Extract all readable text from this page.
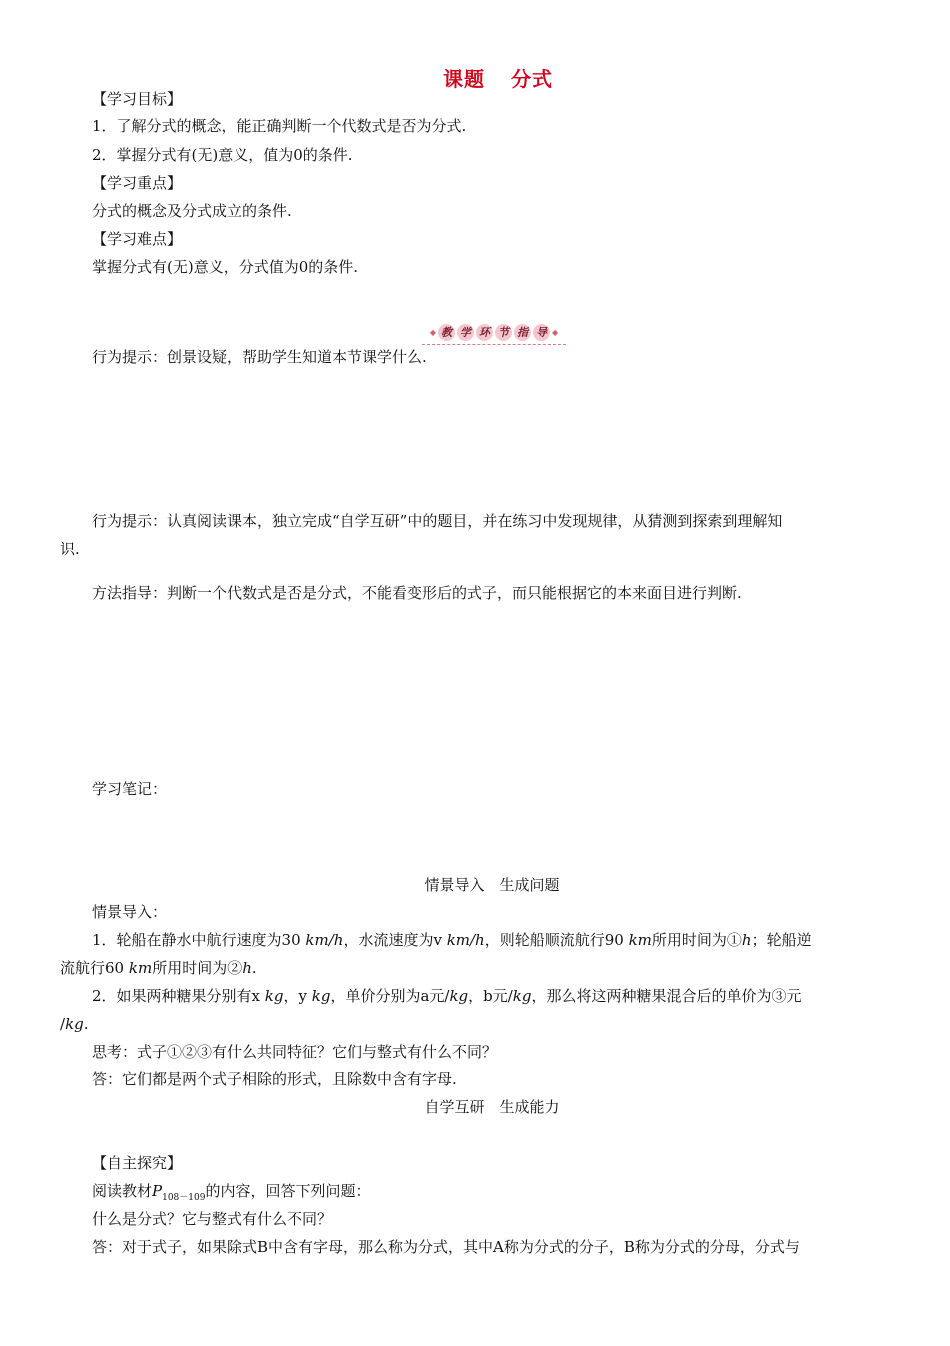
课题 分式
【学习目标】
1．了解分式的概念，能正确判断一个代数式是否为分式.
2．掌握分式有(无)意义，值为0的条件.
【学习重点】
分式的概念及分式成立的条件.
【学习难点】
掌握分式有(无)意义，分式值为0的条件.
◆ 教 学 环 节 指 导 ◆
行为提示：创景设疑，帮助学生知道本节课学什么.
行为提示：认真阅读课本，独立完成“自学互研”中的题目，并在练习中发现规律，从猜测到探索到理解知
识.
方法指导：判断一个代数式是否是分式，不能看变形后的式子，而只能根据它的本来面目进行判断.
学习笔记：
情景导入　生成问题
情景导入：
1．轮船在静水中航行速度为30 km/h，水流速度为v km/h，则轮船顺流航行90 km所用时间为①h；轮船逆
流航行60 km所用时间为②h.
2．如果两种糖果分别有x kg，y kg，单价分别为a元/kg，b元/kg，那么将这两种糖果混合后的单价为③元
/kg.
思考：式子①②③有什么共同特征？它们与整式有什么不同？
答：它们都是两个式子相除的形式，且除数中含有字母.
自学互研　生成能力
【自主探究】
阅读教材$P_{108-109}$的内容，回答下列问题：
什么是分式？它与整式有什么不同？
答：对于式子，如果除式B中含有字母，那么称为分式，其中A称为分式的分子，B称为分式的分母，分式与
